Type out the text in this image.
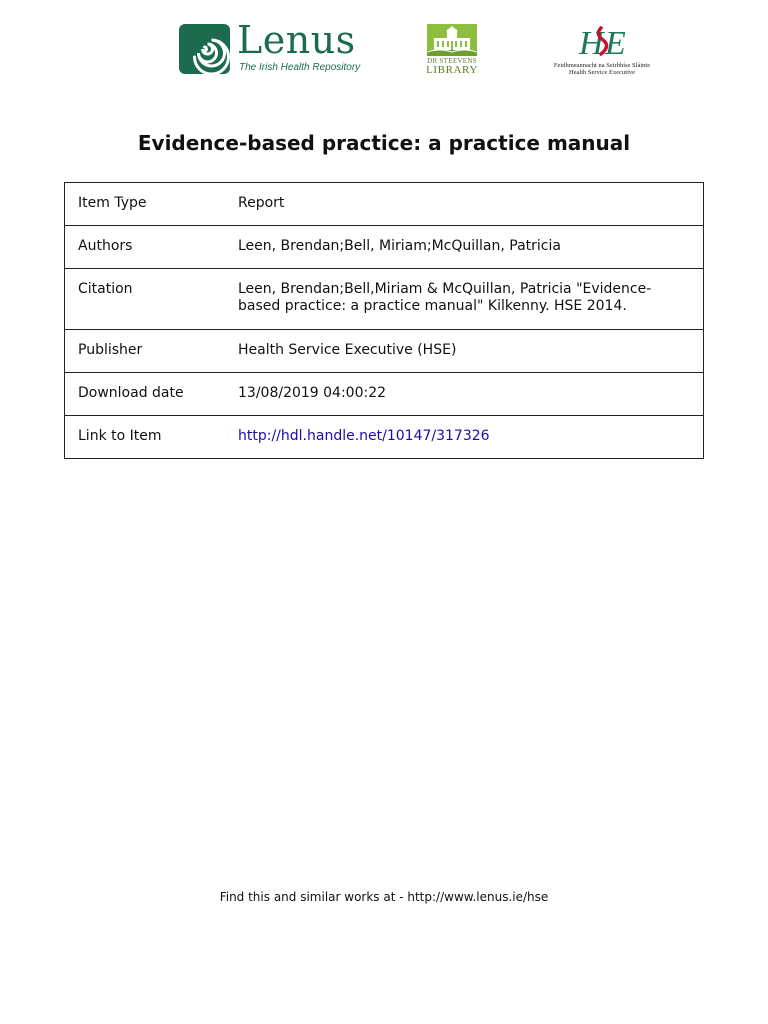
Lenus
The Irish Health Repository
DR STEEVENS
LIBRARY
H E
Feidhmeannacht na Seirbhíse Sláinte
Health Service Executive
Evidence-based practice: a practice manual
Item Type	Report
Authors	Leen, Brendan;Bell, Miriam;McQuillan, Patricia
Citation	Leen, Brendan;Bell,Miriam & McQuillan, Patricia "Evidence-based practice: a practice manual" Kilkenny. HSE 2014.
Publisher	Health Service Executive (HSE)
Download date	13/08/2019 04:00:22
Link to Item	http://hdl.handle.net/10147/317326
Find this and similar works at - http://www.lenus.ie/hse
